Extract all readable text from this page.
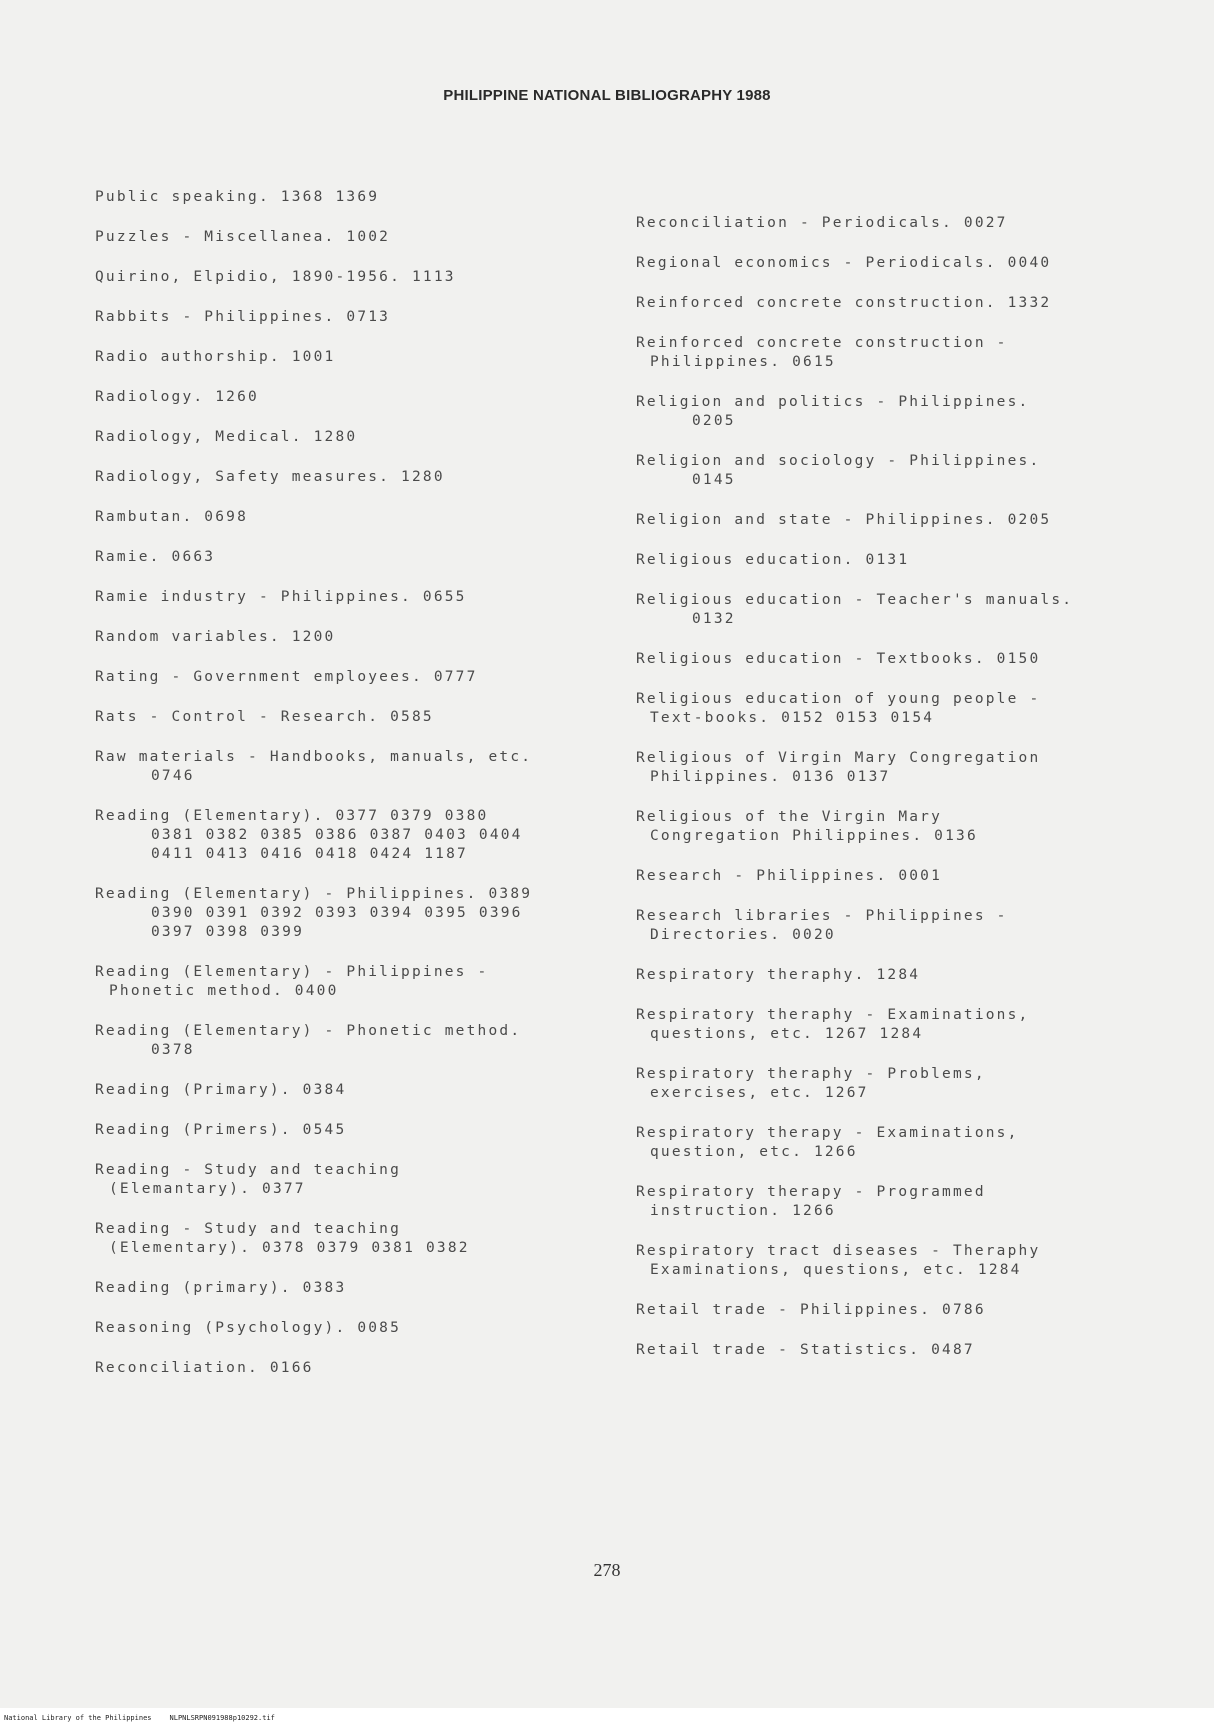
PHILIPPINE NATIONAL BIBLIOGRAPHY 1988
Public speaking. 1368 1369
Puzzles - Miscellanea. 1002
Quirino, Elpidio, 1890-1956. 1113
Rabbits - Philippines. 0713
Radio authorship. 1001
Radiology. 1260
Radiology, Medical. 1280
Radiology, Safety measures. 1280
Rambutan. 0698
Ramie. 0663
Ramie industry - Philippines. 0655
Random variables. 1200
Rating - Government employees. 0777
Rats - Control - Research. 0585
Raw materials - Handbooks, manuals, etc.
0746
Reading (Elementary). 0377 0379 0380
0381 0382 0385 0386 0387 0403 0404
0411 0413 0416 0418 0424 1187
Reading (Elementary) - Philippines. 0389
0390 0391 0392 0393 0394 0395 0396
0397 0398 0399
Reading (Elementary) - Philippines -
Phonetic method. 0400
Reading (Elementary) - Phonetic method.
0378
Reading (Primary). 0384
Reading (Primers). 0545
Reading - Study and teaching
(Elemantary). 0377
Reading - Study and teaching
(Elementary). 0378 0379 0381 0382
Reading (primary). 0383
Reasoning (Psychology). 0085
Reconciliation. 0166
Reconciliation - Periodicals. 0027
Regional economics - Periodicals. 0040
Reinforced concrete construction. 1332
Reinforced concrete construction -
Philippines. 0615
Religion and politics - Philippines.
0205
Religion and sociology - Philippines.
0145
Religion and state - Philippines. 0205
Religious education. 0131
Religious education - Teacher's manuals.
0132
Religious education - Textbooks. 0150
Religious education of young people -
Text-books. 0152 0153 0154
Religious of Virgin Mary Congregation
Philippines. 0136 0137
Religious of the Virgin Mary
Congregation Philippines. 0136
Research - Philippines. 0001
Research libraries - Philippines -
Directories. 0020
Respiratory theraphy. 1284
Respiratory theraphy - Examinations,
questions, etc. 1267 1284
Respiratory theraphy - Problems,
exercises, etc. 1267
Respiratory therapy - Examinations,
question, etc. 1266
Respiratory therapy - Programmed
instruction. 1266
Respiratory tract diseases - Theraphy
Examinations, questions, etc. 1284
Retail trade - Philippines. 0786
Retail trade - Statistics. 0487
278
National Library of the Philippines	NLPNLSRPN091988p10292.tif
